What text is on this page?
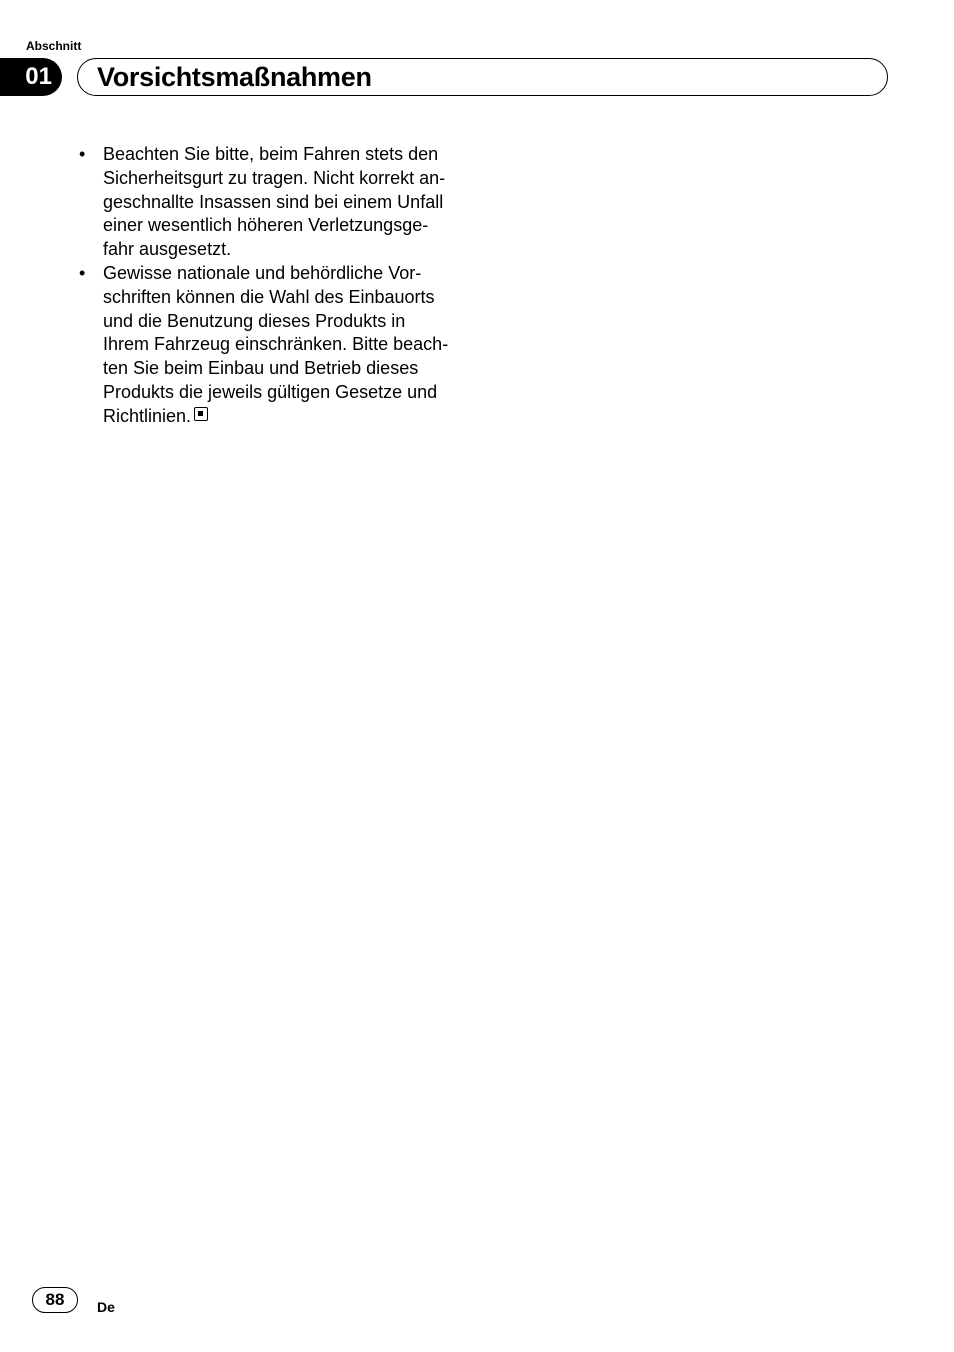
Abschnitt
01	Vorsichtsmaßnahmen
• Beachten Sie bitte, beim Fahren stets den
Sicherheitsgurt zu tragen. Nicht korrekt an-
geschnallte Insassen sind bei einem Unfall
einer wesentlich höheren Verletzungsge-
fahr ausgesetzt.
• Gewisse nationale und behördliche Vor-
schriften können die Wahl des Einbauorts
und die Benutzung dieses Produkts in
Ihrem Fahrzeug einschränken. Bitte beach-
ten Sie beim Einbau und Betrieb dieses
Produkts die jeweils gültigen Gesetze und
Richtlinien.
88	De
